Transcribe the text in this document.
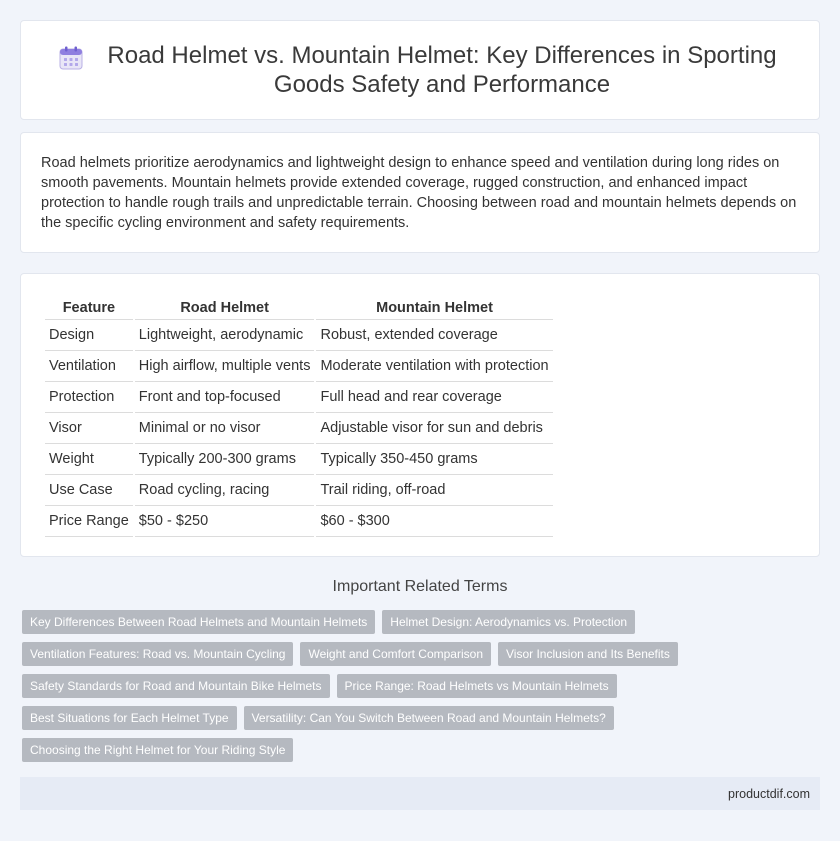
Road Helmet vs. Mountain Helmet: Key Differences in Sporting Goods Safety and Performance

Road helmets prioritize aerodynamics and lightweight design to enhance speed and ventilation during long rides on smooth pavements. Mountain helmets provide extended coverage, rugged construction, and enhanced impact protection to handle rough trails and unpredictable terrain. Choosing between road and mountain helmets depends on the specific cycling environment and safety requirements.

Feature	Road Helmet	Mountain Helmet
Design	Lightweight, aerodynamic	Robust, extended coverage
Ventilation	High airflow, multiple vents	Moderate ventilation with protection
Protection	Front and top-focused	Full head and rear coverage
Visor	Minimal or no visor	Adjustable visor for sun and debris
Weight	Typically 200-300 grams	Typically 350-450 grams
Use Case	Road cycling, racing	Trail riding, off-road
Price Range	$50 - $250	$60 - $300
Important Related Terms
Key Differences Between Road Helmets and Mountain Helmets	Helmet Design: Aerodynamics vs. Protection
Ventilation Features: Road vs. Mountain Cycling	Weight and Comfort Comparison	Visor Inclusion and Its Benefits
Safety Standards for Road and Mountain Bike Helmets	Price Range: Road Helmets vs Mountain Helmets
Best Situations for Each Helmet Type	Versatility: Can You Switch Between Road and Mountain Helmets?
Choosing the Right Helmet for Your Riding Style
productdif.com
